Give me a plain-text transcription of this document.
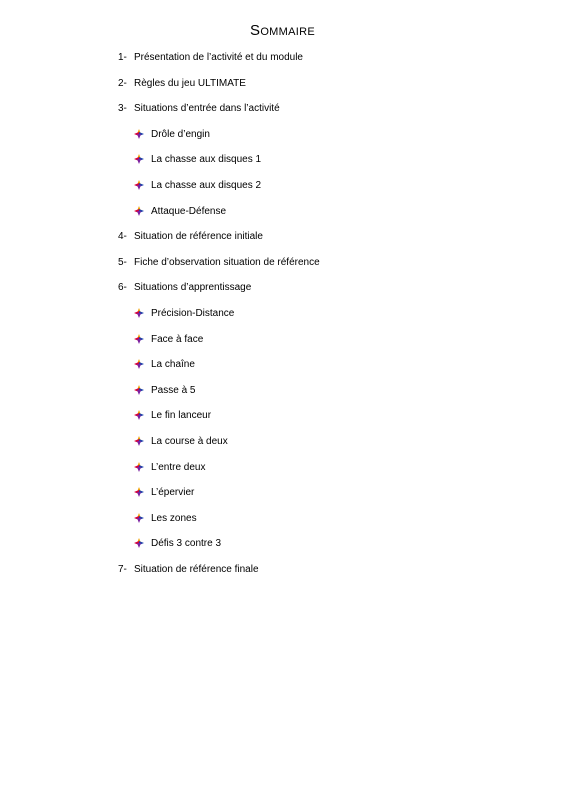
SOMMAIRE
1- Présentation de l’activité et du module
2- Règles du jeu ULTIMATE
3- Situations d’entrée dans l’activité
Drôle d’engin
La chasse aux disques 1
La chasse aux disques 2
Attaque-Défense
4- Situation de référence initiale
5- Fiche d’observation situation de référence
6- Situations d’apprentissage
Précision-Distance
Face à face
La chaîne
Passe à 5
Le fin lanceur
La course à deux
L’entre deux
L’épervier
Les zones
Défis 3 contre 3
7- Situation de référence finale
